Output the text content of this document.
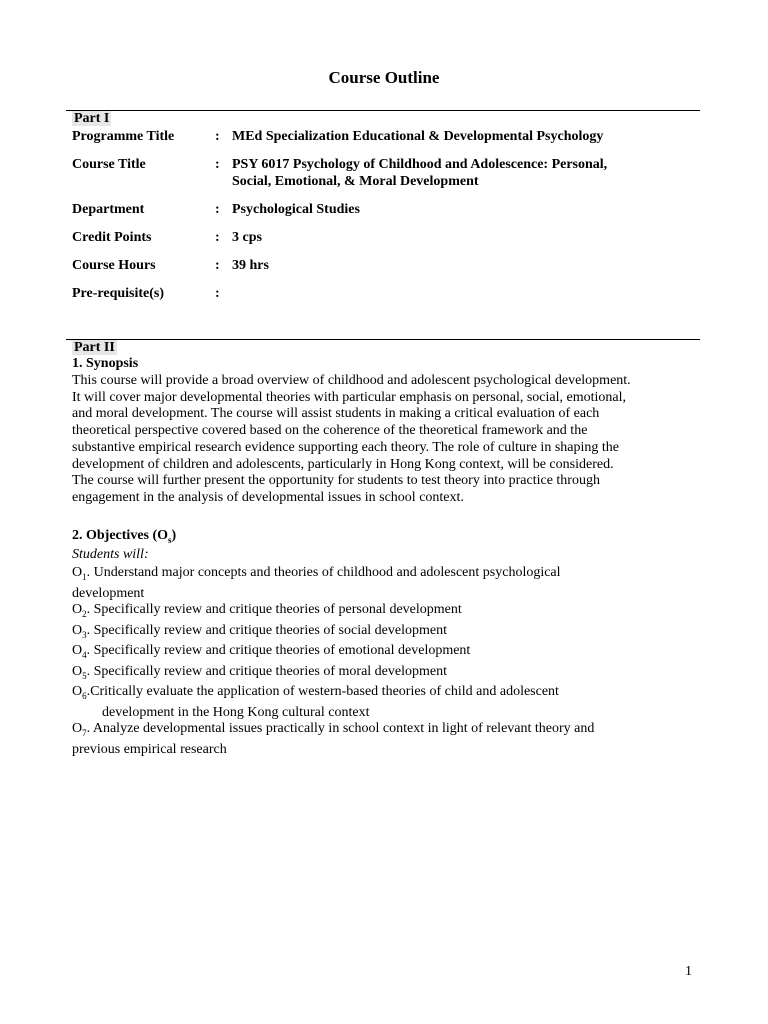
Course Outline
Part I
Programme Title	: MEd Specialization Educational & Developmental Psychology
Course Title	: PSY 6017 Psychology of Childhood and Adolescence: Personal,
Social, Emotional, & Moral Development
Department	: Psychological Studies
Credit Points	: 3 cps
Course Hours	: 39 hrs
Pre-requisite(s)	:
Part II
1. Synopsis

This course will provide a broad overview of childhood and adolescent psychological development.

It will cover major developmental theories with particular emphasis on personal, social, emotional,

and moral development. The course will assist students in making a critical evaluation of each

theoretical perspective covered based on the coherence of the theoretical framework and the

substantive empirical research evidence supporting each theory. The role of culture in shaping the

development of children and adolescents, particularly in Hong Kong context, will be considered.

The course will further present the opportunity for students to test theory into practice through

engagement in the analysis of developmental issues in school context.

2. Objectives $(O_s)$
Students will:

$O_1$. Understand major concepts and theories of childhood and adolescent psychological

development

$O_2$. Specifically review and critique theories of personal development

$O_3$. Specifically review and critique theories of social development

$O_4$. Specifically review and critique theories of emotional development

$O_5$. Specifically review and critique theories of moral development

$O_6.Critically$ evaluate the application of western-based theories of child and adolescent

development in the Hong Kong cultural context

$O_7$. Analyze developmental issues practically in school context in light of relevant theory and

previous empirical research

1
